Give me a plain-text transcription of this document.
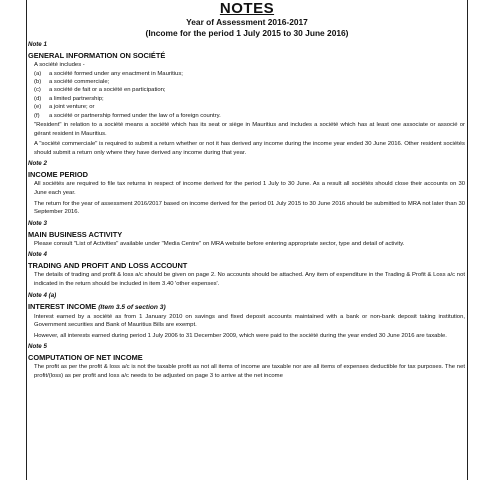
NOTES
Year of Assessment 2016-2017
(Income for the period 1 July 2015 to 30 June 2016)
Note 1
GENERAL INFORMATION ON SOCIÉTÉ
A société includes -
(a)	a société formed under any enactment in Mauritius;
(b)	a société commerciale;
(c)	a société de fait or a société en participation;
(d)	a limited partnership;
(e)	a joint venture; or
(f)	a société or partnership formed under the law of a foreign country.
"Resident" in relation to a société means a société which has its seat or siège in Mauritius and includes a société which has at least one associate or associé or gérant resident in Mauritius.
A "société commerciale" is required to submit a return whether or not it has derived any income during the income year ended 30 June 2016. Other resident sociétés should submit a return only where they have derived any income during that year.
Note 2
INCOME PERIOD
All sociétés are required to file tax returns in respect of income derived for the period 1 July to 30 June. As a result all sociétés should close their accounts on 30 June each year.
The return for the year of assessment 2016/2017 based on income derived for the period 01 July 2015 to 30 June 2016 should be submitted to MRA not later than 30 September 2016.
Note 3
MAIN BUSINESS ACTIVITY
Please consult "List of Activities" available under "Media Centre" on MRA website before entering appropriate sector, type and detail of activity.
Note 4
TRADING AND PROFIT AND LOSS ACCOUNT
The details of trading and profit & loss a/c should be given on page 2. No accounts should be attached. Any item of expenditure in the Trading & Profit & Loss a/c not indicated in the return should be included in item 3.40 'other expenses'.
Note 4 (a)
INTEREST INCOME (Item 3.5 of section 3)
Interest earned by a société as from 1 January 2010 on savings and fixed deposit accounts maintained with a bank or non-bank deposit taking institution, Government securities and Bank of Mauritius Bills are exempt.
However, all interests earned during period 1 July 2006 to 31 December 2009, which were paid to the société during the year ended 30 June 2016 are taxable.
Note 5
COMPUTATION OF NET INCOME
The profit as per the profit & loss a/c is not the taxable profit as not all items of income are taxable nor are all items of expenses deductible for tax purposes. The net profit/(loss) as per profit and loss a/c needs to be adjusted on page 3 to arrive at the net income
